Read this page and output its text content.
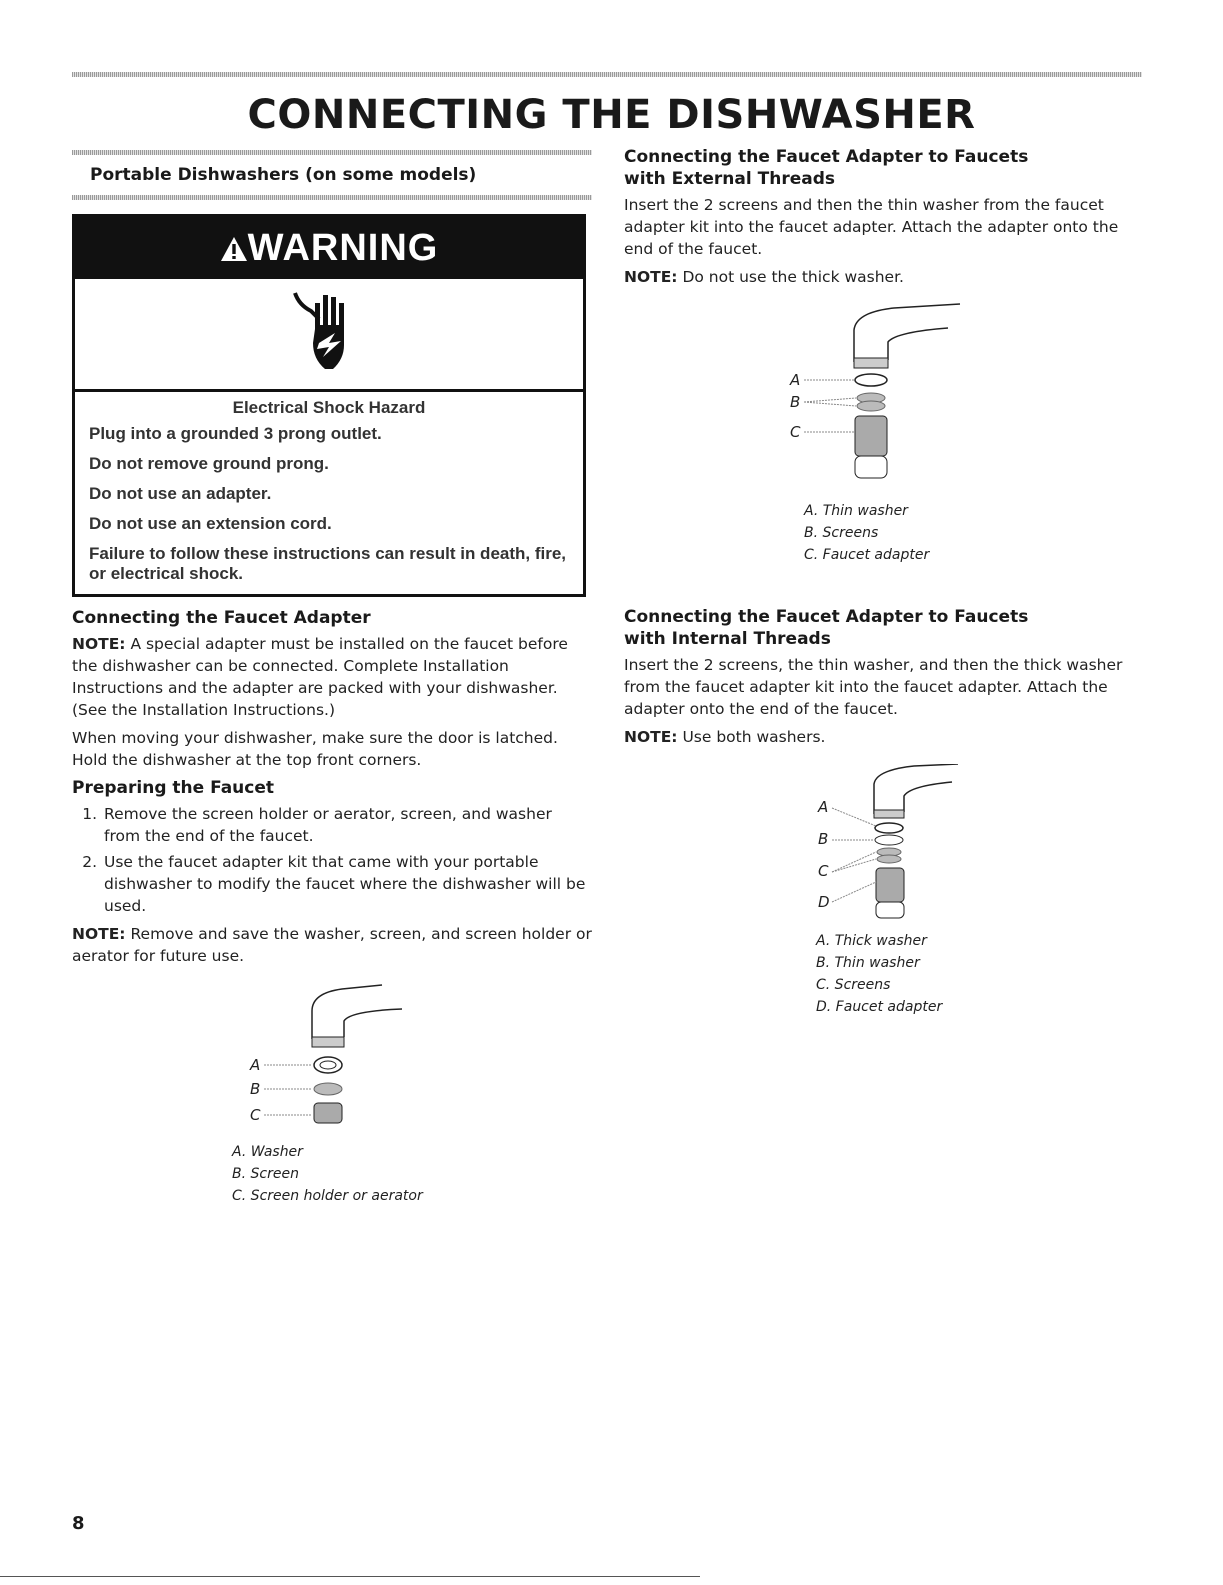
CONNECTING THE DISHWASHER
Portable Dishwashers (on some models)
WARNING
Electrical Shock Hazard

Plug into a grounded 3 prong outlet.

Do not remove ground prong.

Do not use an adapter.

Do not use an extension cord.

Failure to follow these instructions can result in death, fire, or electrical shock.

Connecting the Faucet Adapter

NOTE: A special adapter must be installed on the faucet before the dishwasher can be connected. Complete Installation Instructions and the adapter are packed with your dishwasher. (See the Installation Instructions.)

When moving your dishwasher, make sure the door is latched. Hold the dishwasher at the top front corners.

Preparing the Faucet
1. Remove the screen holder or aerator, screen, and washer from the end of the faucet.
2. Use the faucet adapter kit that came with your portable dishwasher to modify the faucet where the dishwasher will be used.

NOTE: Remove and save the washer, screen, and screen holder or aerator for future use.

A
B
C
A. Washer
B. Screen
C. Screen holder or aerator
Connecting the Faucet Adapter to Faucets with External Threads

Insert the 2 screens and then the thin washer from the faucet adapter kit into the faucet adapter. Attach the adapter onto the end of the faucet.

NOTE: Do not use the thick washer.

A
B
C
A. Thin washer
B. Screens
C. Faucet adapter
Connecting the Faucet Adapter to Faucets with Internal Threads

Insert the 2 screens, the thin washer, and then the thick washer from the faucet adapter kit into the faucet adapter. Attach the adapter onto the end of the faucet.

NOTE: Use both washers.

A
B
C
D
A. Thick washer
B. Thin washer
C. Screens
D. Faucet adapter
8
